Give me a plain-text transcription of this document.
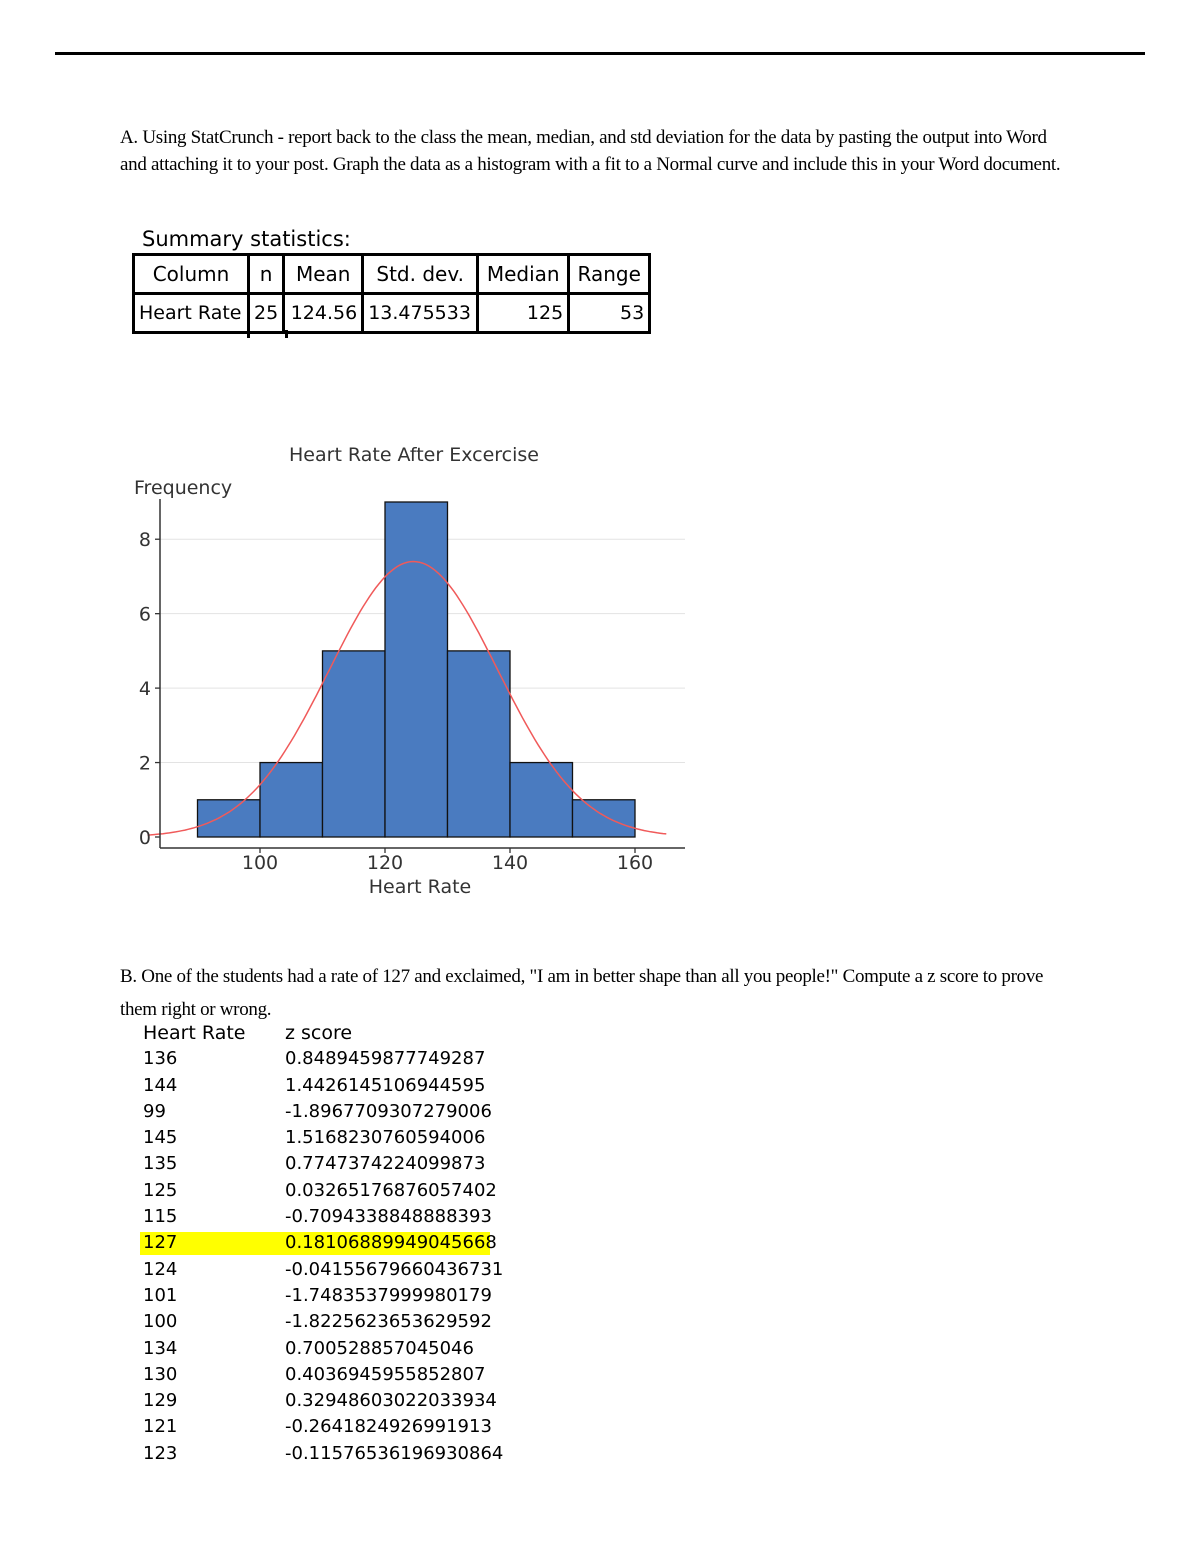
A. Using StatCrunch - report back to the class the mean, median, and std deviation for the data by pasting the output into Word and attaching it to your post. Graph the data as a histogram with a fit to a Normal curve and include this in your Word document.
Summary statistics:
Column	n	Mean	Std. dev.	Median	Range
Heart Rate	25	124.56	13.475533	125	53
Heart Rate After Excercise
Frequency
Heart Rate
0
2
4
6
8
100	120	140	160
B. One of the students had a rate of 127 and exclaimed, "I am in better shape than all you people!" Compute a z score to prove them right or wrong.
Heart Rate z score
136	0.8489459877749287
144	1.4426145106944595
99	-1.8967709307279006
145	1.5168230760594006
135	0.7747374224099873
125	0.03265176876057402
115	-0.7094338848888393
127	0.18106889949045668
124	-0.04155679660436731
101	-1.7483537999980179
100	-1.8225623653629592
134	0.700528857045046
130	0.4036945955852807
129	0.32948603022033934
121	-0.2641824926991913
123	-0.11576536196930864
